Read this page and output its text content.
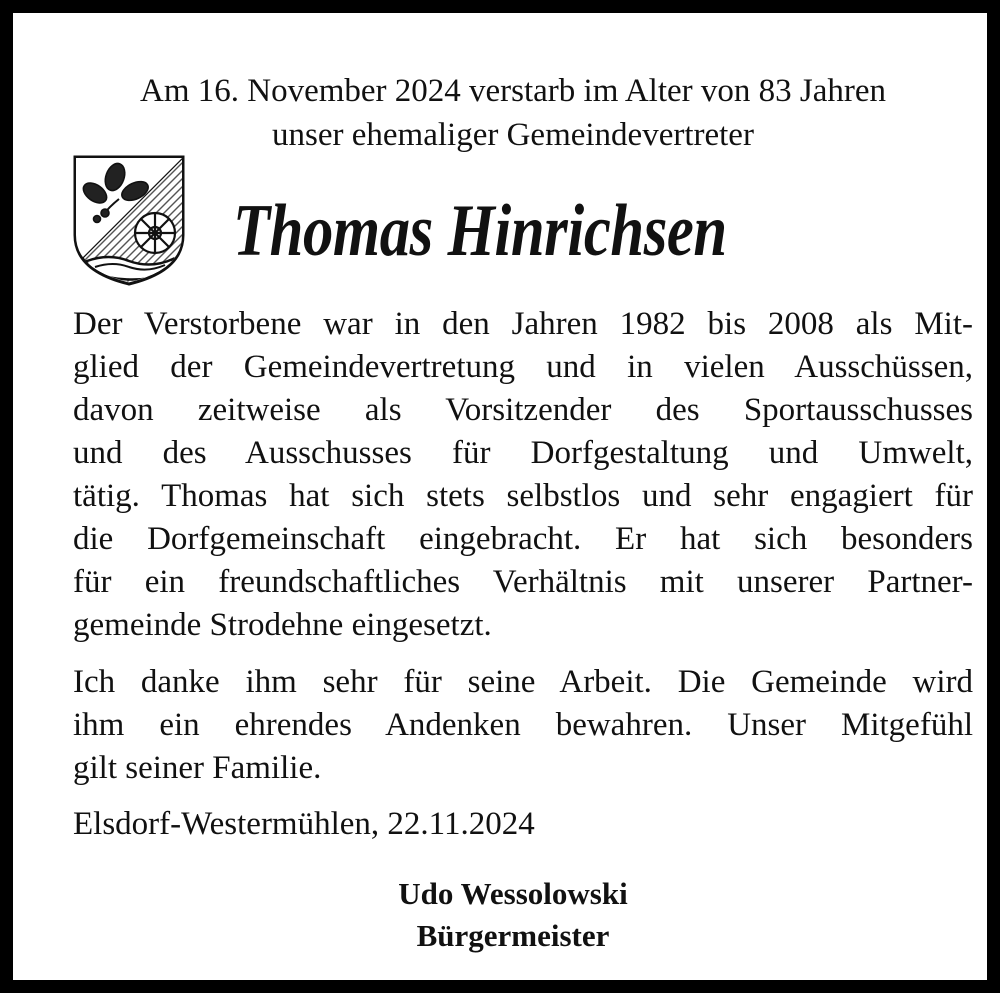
Am 16. November 2024 verstarb im Alter von 83 Jahren
unser ehemaliger Gemeindevertreter
Thomas Hinrichsen
Der Verstorbene war in den Jahren 1982 bis 2008 als Mit-
glied der Gemeindevertretung und in vielen Ausschüssen,
davon zeitweise als Vorsitzender des Sportausschusses
und des Ausschusses für Dorfgestaltung und Umwelt,
tätig. Thomas hat sich stets selbstlos und sehr engagiert für
die Dorfgemeinschaft eingebracht. Er hat sich besonders
für ein freundschaftliches Verhältnis mit unserer Partner-
gemeinde Strodehne eingesetzt.
Ich danke ihm sehr für seine Arbeit. Die Gemeinde wird
ihm ein ehrendes Andenken bewahren. Unser Mitgefühl
gilt seiner Familie.
Elsdorf-Westermühlen, 22.11.2024
Udo Wessolowski
Bürgermeister
